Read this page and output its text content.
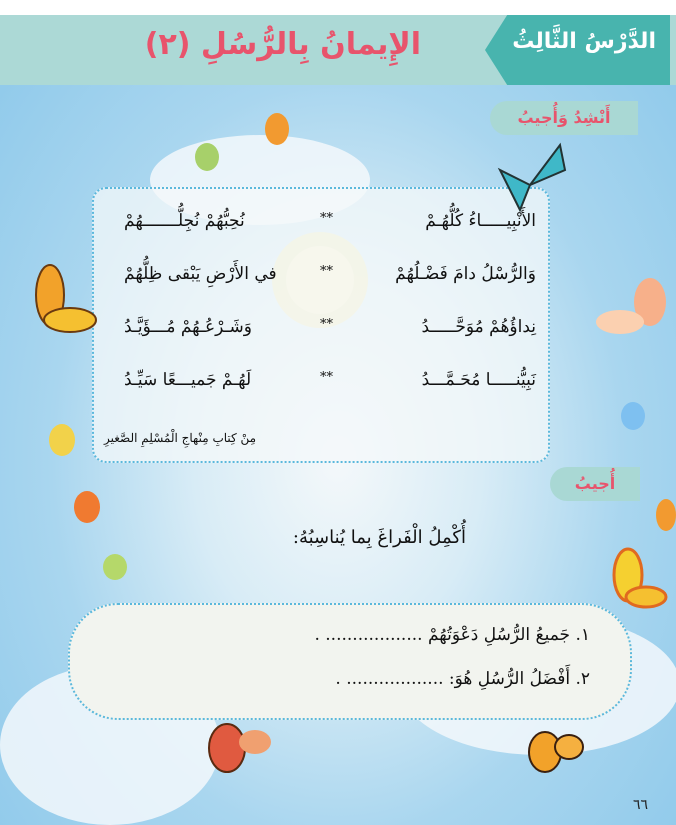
الدَّرْسُ الثَّالِثُ
الإِيمانُ بِالرُّسُلِ (٢)
أَنْشِدُ وَأُجيبُ
الأَنْبِيـــــاءُ كُلُّهُـمْ
**
نُحِبُّهُمْ نُجِلُّـــــــهُمْ
وَالرُّسْلُ دامَ فَضْـلُهُمْ
**
في الأَرْضِ يَبْقى ظِلُّهُمْ
نِداؤُهُمْ مُوَحَّـــــدُ
**
وَشَـرْعُـهُمْ مُـــؤَيَّـدُ
نَبِيُّنـــــا مُحَـمَّـــدُ
**
لَهُـمْ جَميـــعًا سَيِّـدُ
مِنْ كِتابِ مِنْهاجِ الْمُسْلِمِ الصَّغيرِ
أُجيبُ
أُكْمِلُ الْفَراغَ بِما يُناسِبُهُ:
١. جَميعُ الرُّسُلِ دَعْوَتُهُمْ .................. .
٢. أَفْضَلُ الرُّسُلِ هُوَ: .................. .
٦٦
